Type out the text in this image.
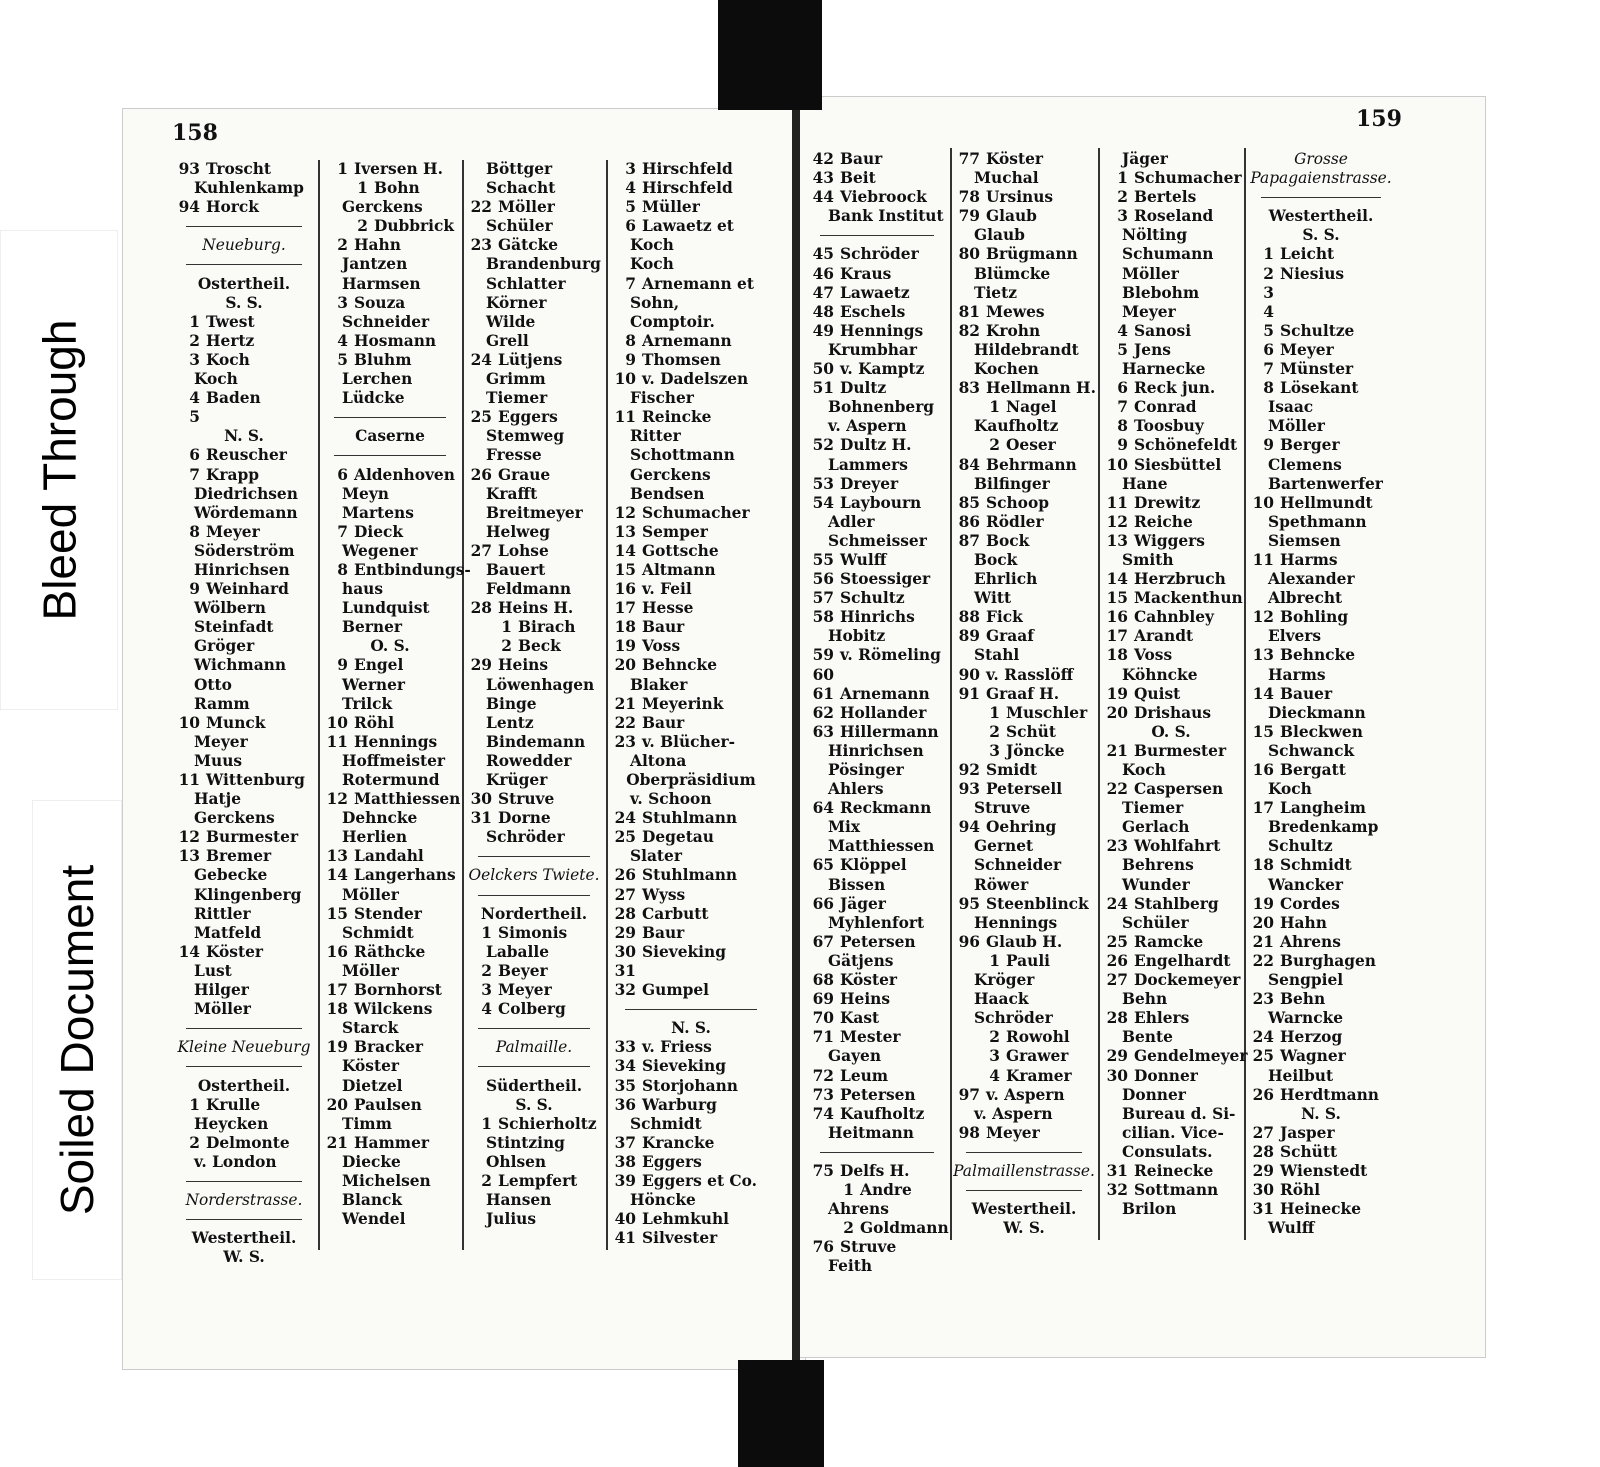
Bleed Through
Soiled Document
158
159
93 Troscht
Kuhlenkamp
94 Horck
Neueburg.
Ostertheil.
S. S.
1 Twest
2 Hertz
3 Koch
Koch
4 Baden
5
N. S.
6 Reuscher
7 Krapp
Diedrichsen
Wördemann
8 Meyer
Söderström
Hinrichsen
9 Weinhard
Wölbern
Steinfadt
Gröger
Wichmann
Otto
Ramm
10 Munck
Meyer
Muus
11 Wittenburg
Hatje
Gerckens
12 Burmester
13 Bremer
Gebecke
Klingenberg
Rittler
Matfeld
14 Köster
Lust
Hilger
Möller
Kleine Neueburg
Ostertheil.
1 Krulle
Heycken
2 Delmonte
v. London
Norderstrasse.
Westertheil.
W. S.
1 Iversen H.
1 Bohn
Gerckens
2 Dubbrick
2 Hahn
Jantzen
Harmsen
3 Souza
Schneider
4 Hosmann
5 Bluhm
Lerchen
Lüdcke
Caserne
6 Aldenhoven
Meyn
Martens
7 Dieck
Wegener
8 Entbindungs-
haus
Lundquist
Berner
O. S.
9 Engel
Werner
Trilck
10 Röhl
11 Hennings
Hoffmeister
Rotermund
12 Matthiessen
Dehncke
Herlien
13 Landahl
14 Langerhans
Möller
15 Stender
Schmidt
16 Räthcke
Möller
17 Bornhorst
18 Wilckens
Starck
19 Bracker
Köster
Dietzel
20 Paulsen
Timm
21 Hammer
Diecke
Michelsen
Blanck
Wendel
Böttger
Schacht
22 Möller
Schüler
23 Gätcke
Brandenburg
Schlatter
Körner
Wilde
Grell
24 Lütjens
Grimm
Tiemer
25 Eggers
Stemweg
Fresse
26 Graue
Krafft
Breitmeyer
Helweg
27 Lohse
Bauert
Feldmann
28 Heins H.
1 Birach
2 Beck
29 Heins
Löwenhagen
Binge
Lentz
Bindemann
Rowedder
Krüger
30 Struve
31 Dorne
Schröder
Oelckers Twiete.
Nordertheil.
1 Simonis
Laballe
2 Beyer
3 Meyer
4 Colberg
Palmaille.
Südertheil.
S. S.
1 Schierholtz
Stintzing
Ohlsen
2 Lempfert
Hansen
Julius
3 Hirschfeld
4 Hirschfeld
5 Müller
6 Lawaetz et
Koch
Koch
7 Arnemann et
Sohn,
Comptoir.
8 Arnemann
9 Thomsen
10 v. Dadelszen
Fischer
11 Reincke
Ritter
Schottmann
Gerckens
Bendsen
12 Schumacher
13 Semper
14 Gottsche
15 Altmann
16 v. Feil
17 Hesse
18 Baur
19 Voss
20 Behncke
Blaker
21 Meyerink
22 Baur
23 v. Blücher-
Altona
Oberpräsidium
v. Schoon
24 Stuhlmann
25 Degetau
Slater
26 Stuhlmann
27 Wyss
28 Carbutt
29 Baur
30 Sieveking
31
32 Gumpel
N. S.
33 v. Friess
34 Sieveking
35 Storjohann
36 Warburg
Schmidt
37 Krancke
38 Eggers
39 Eggers et Co.
Höncke
40 Lehmkuhl
41 Silvester
42 Baur
43 Beit
44 Viebroock
Bank Institut
45 Schröder
46 Kraus
47 Lawaetz
48 Eschels
49 Hennings
Krumbhar
50 v. Kamptz
51 Dultz
Bohnenberg
v. Aspern
52 Dultz H.
Lammers
53 Dreyer
54 Laybourn
Adler
Schmeisser
55 Wulff
56 Stoessiger
57 Schultz
58 Hinrichs
Hobitz
59 v. Römeling
60
61 Arnemann
62 Hollander
63 Hillermann
Hinrichsen
Pösinger
Ahlers
64 Reckmann
Mix
Matthiessen
65 Klöppel
Bissen
66 Jäger
Myhlenfort
67 Petersen
Gätjens
68 Köster
69 Heins
70 Kast
71 Mester
Gayen
72 Leum
73 Petersen
74 Kaufholtz
Heitmann
75 Delfs H.
1 Andre
Ahrens
2 Goldmann
76 Struve
Feith
77 Köster
Muchal
78 Ursinus
79 Glaub
Glaub
80 Brügmann
Blümcke
Tietz
81 Mewes
82 Krohn
Hildebrandt
Kochen
83 Hellmann H.
1 Nagel
Kaufholtz
2 Oeser
84 Behrmann
Bilfinger
85 Schoop
86 Rödler
87 Bock
Bock
Ehrlich
Witt
88 Fick
89 Graaf
Stahl
90 v. Rasslöff
91 Graaf H.
1 Muschler
2 Schüt
3 Jöncke
92 Smidt
93 Petersell
Struve
94 Oehring
Gernet
Schneider
Röwer
95 Steenblinck
Hennings
96 Glaub H.
1 Pauli
Kröger
Haack
Schröder
2 Rowohl
3 Grawer
4 Kramer
97 v. Aspern
v. Aspern
98 Meyer
Palmaillenstrasse.
Westertheil.
W. S.
Jäger
1 Schumacher
2 Bertels
3 Roseland
Nölting
Schumann
Möller
Blebohm
Meyer
4 Sanosi
5 Jens
Harnecke
6 Reck jun.
7 Conrad
8 Toosbuy
9 Schönefeldt
10 Siesbüttel
Hane
11 Drewitz
12 Reiche
13 Wiggers
Smith
14 Herzbruch
15 Mackenthun
16 Cahnbley
17 Arandt
18 Voss
Köhncke
19 Quist
20 Drishaus
O. S.
21 Burmester
Koch
22 Caspersen
Tiemer
Gerlach
23 Wohlfahrt
Behrens
Wunder
24 Stahlberg
Schüler
25 Ramcke
26 Engelhardt
27 Dockemeyer
Behn
28 Ehlers
Bente
29 Gendelmeyer
30 Donner
Donner
Bureau d. Si-
cilian. Vice-
Consulats.
31 Reinecke
32 Sottmann
Brilon
Grosse
Papagaienstrasse.
Westertheil.
S. S.
1 Leicht
2 Niesius
3
4
5 Schultze
6 Meyer
7 Münster
8 Lösekant
Isaac
Möller
9 Berger
Clemens
Bartenwerfer
10 Hellmundt
Spethmann
Siemsen
11 Harms
Alexander
Albrecht
12 Bohling
Elvers
13 Behncke
Harms
14 Bauer
Dieckmann
15 Bleckwen
Schwanck
16 Bergatt
Koch
17 Langheim
Bredenkamp
Schultz
18 Schmidt
Wancker
19 Cordes
20 Hahn
21 Ahrens
22 Burghagen
Sengpiel
23 Behn
Warncke
24 Herzog
25 Wagner
Heilbut
26 Herdtmann
N. S.
27 Jasper
28 Schütt
29 Wienstedt
30 Röhl
31 Heinecke
Wulff
